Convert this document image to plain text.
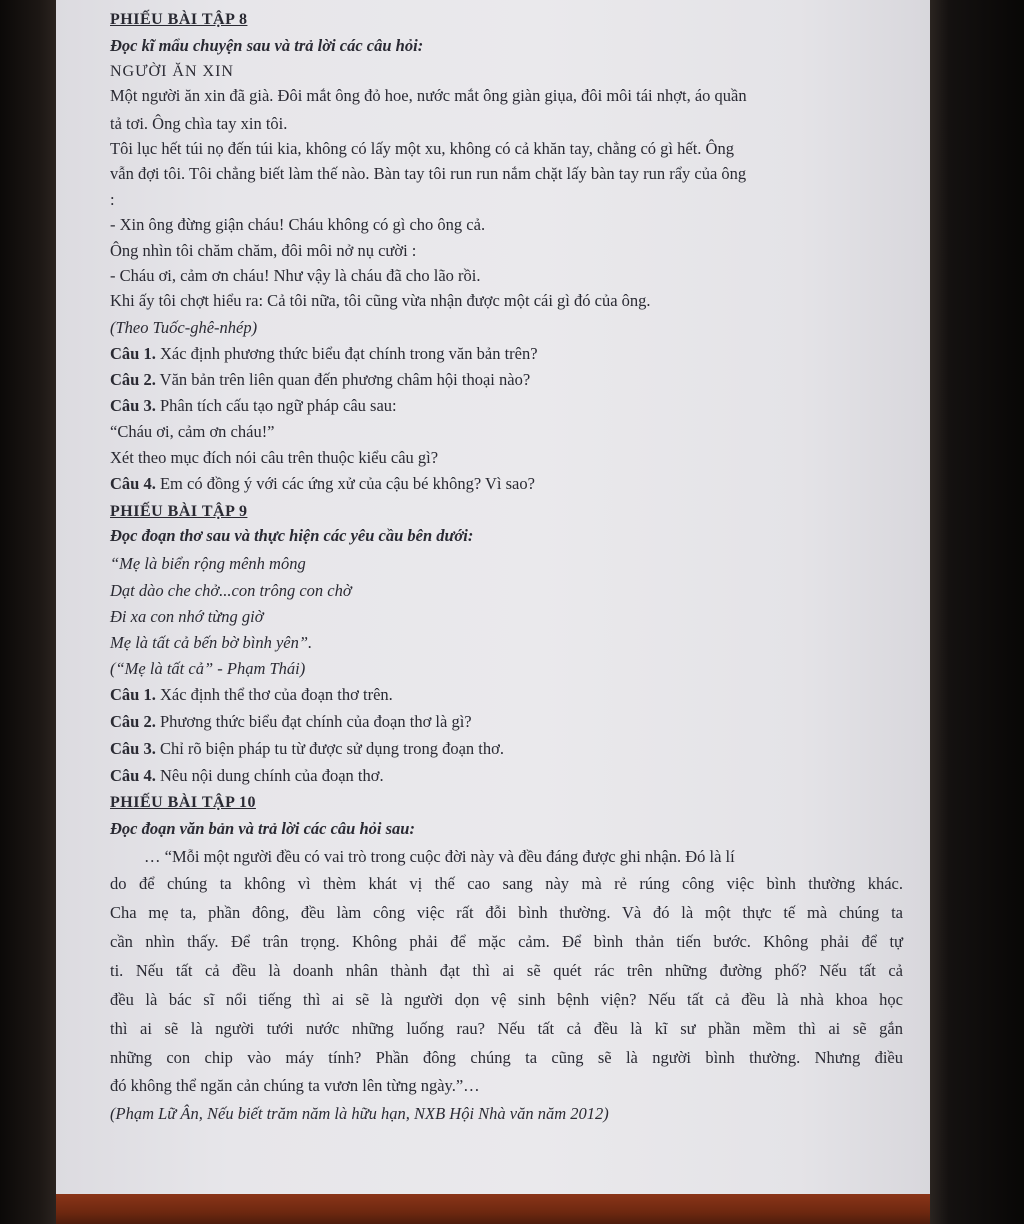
PHIẾU BÀI TẬP 8
Đọc kĩ mẩu chuyện sau và trả lời các câu hỏi:
NGƯỜI ĂN XIN
Một người ăn xin đã già. Đôi mắt ông đỏ hoe, nước mắt ông giàn giụa, đôi môi tái nhợt, áo quần
tả tơi. Ông chìa tay xin tôi.
Tôi lục hết túi nọ đến túi kia, không có lấy một xu, không có cả khăn tay, chẳng có gì hết. Ông
vẫn đợi tôi. Tôi chẳng biết làm thế nào. Bàn tay tôi run run nắm chặt lấy bàn tay run rẩy của ông
:
- Xin ông đừng giận cháu! Cháu không có gì cho ông cả.
Ông nhìn tôi chăm chăm, đôi môi nở nụ cười :
- Cháu ơi, cảm ơn cháu! Như vậy là cháu đã cho lão rồi.
Khi ấy tôi chợt hiểu ra: Cả tôi nữa, tôi cũng vừa nhận được một cái gì đó của ông.
(Theo Tuốc-ghê-nhép)
Câu 1. Xác định phương thức biểu đạt chính trong văn bản trên?
Câu 2. Văn bản trên liên quan đến phương châm hội thoại nào?
Câu 3. Phân tích cấu tạo ngữ pháp câu sau:
“Cháu ơi, cảm ơn cháu!”
Xét theo mục đích nói câu trên thuộc kiểu câu gì?
Câu 4. Em có đồng ý với các ứng xử của cậu bé không? Vì sao?
PHIẾU BÀI TẬP 9
Đọc đoạn thơ sau và thực hiện các yêu cầu bên dưới:
“Mẹ là biển rộng mênh mông
Dạt dào che chở...con trông con chờ
Đi xa con nhớ từng giờ
Mẹ là tất cả bến bờ bình yên”.
(“Mẹ là tất cả” - Phạm Thái)
Câu 1. Xác định thể thơ của đoạn thơ trên.
Câu 2. Phương thức biểu đạt chính của đoạn thơ là gì?
Câu 3. Chỉ rõ biện pháp tu từ được sử dụng trong đoạn thơ.
Câu 4. Nêu nội dung chính của đoạn thơ.
PHIẾU BÀI TẬP 10
Đọc đoạn văn bản và trả lời các câu hỏi sau:
… “Mỗi một người đều có vai trò trong cuộc đời này và đều đáng được ghi nhận. Đó là lí
do để chúng ta không vì thèm khát vị thế cao sang này mà rẻ rúng công việc bình thường khác.
Cha mẹ ta, phần đông, đều làm công việc rất đỗi bình thường. Và đó là một thực tế mà chúng ta
cần nhìn thấy. Để trân trọng. Không phải để mặc cảm. Để bình thản tiến bước. Không phải để tự
ti. Nếu tất cả đều là doanh nhân thành đạt thì ai sẽ quét rác trên những đường phố? Nếu tất cả
đều là bác sĩ nổi tiếng thì ai sẽ là người dọn vệ sinh bệnh viện? Nếu tất cả đều là nhà khoa học
thì ai sẽ là người tưới nước những luống rau? Nếu tất cả đều là kĩ sư phần mềm thì ai sẽ gắn
những con chip vào máy tính? Phần đông chúng ta cũng sẽ là người bình thường. Nhưng điều
đó không thể ngăn cản chúng ta vươn lên từng ngày.”…
(Phạm Lữ Ân, Nếu biết trăm năm là hữu hạn, NXB Hội Nhà văn năm 2012)
